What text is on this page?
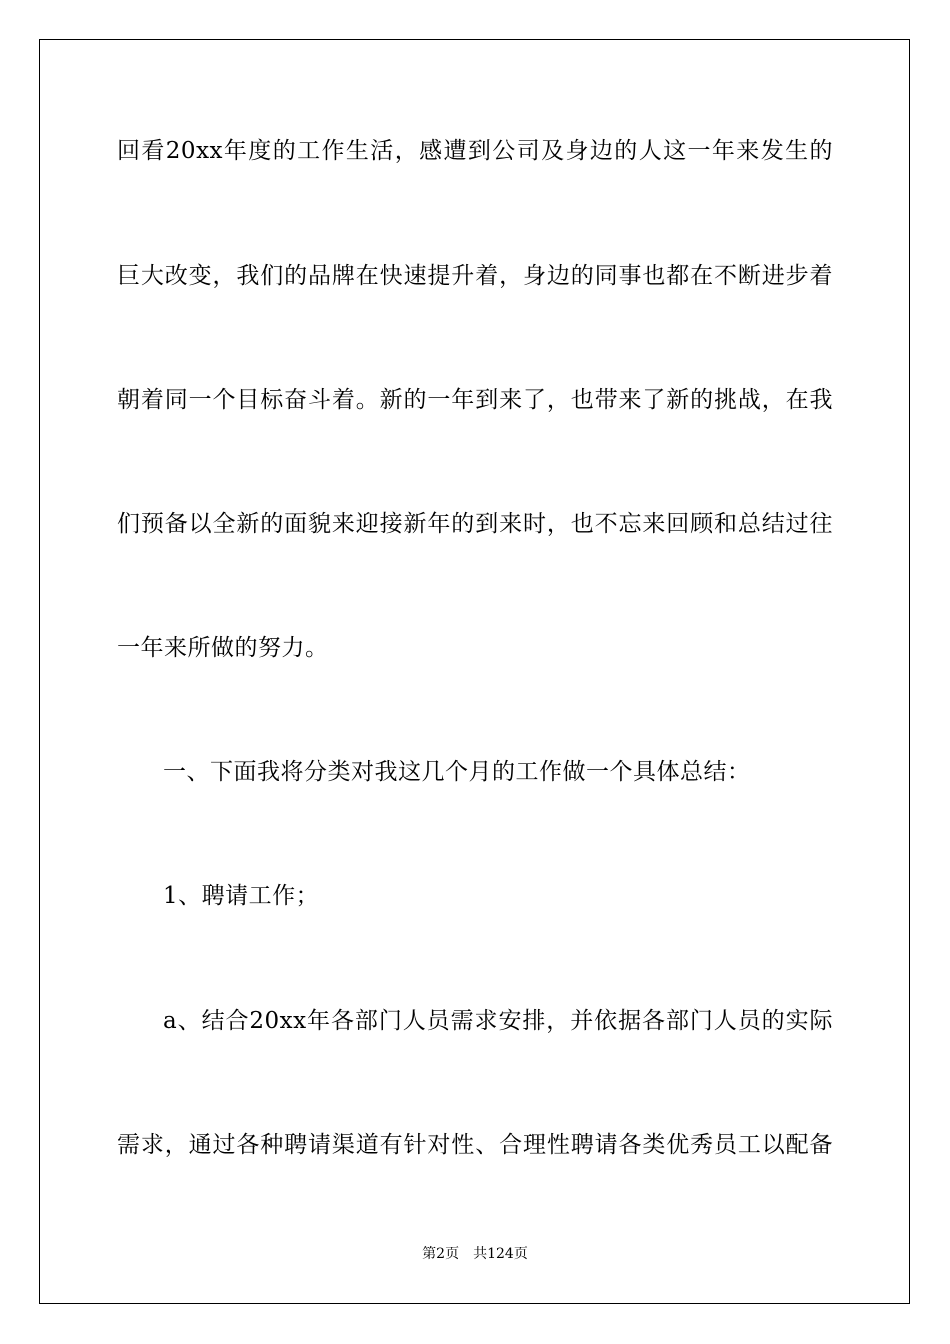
回看20xx年度的工作生活，感遭到公司及身边的人这一年来发生的
巨大改变，我们的品牌在快速提升着，身边的同事也都在不断进步着
朝着同一个目标奋斗着。新的一年到来了，也带来了新的挑战，在我
们预备以全新的面貌来迎接新年的到来时，也不忘来回顾和总结过往
一年来所做的努力。
一、下面我将分类对我这几个月的工作做一个具体总结：
1、聘请工作；
a、结合20xx年各部门人员需求安排，并依据各部门人员的实际
需求，通过各种聘请渠道有针对性、合理性聘请各类优秀员工以配备
第2页 共124页
